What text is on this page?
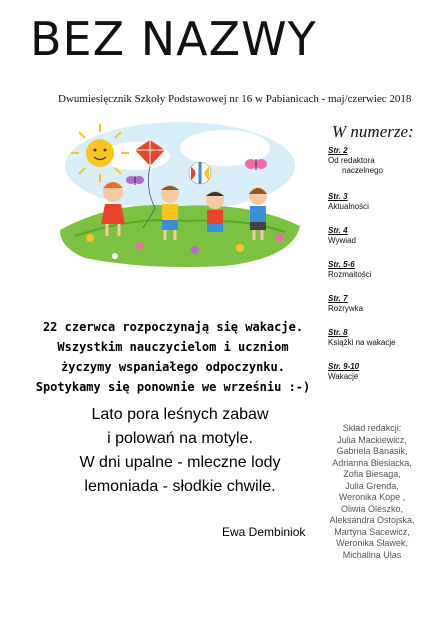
BEZ NAZWY
Dwumiesięcznik Szkoły Podstawowej nr 16 w Pabianicach - maj/czerwiec 2018
W numerze:
Str. 2
Od redaktora
naczelnego
Str. 3
Aktualności
Str. 4
Wywiad
Str. 5-6
Rozmaitości
Str. 7
Rozrywka
Str. 8
Książki na wakacje
Str. 9-10
Wakacje
22 czerwca rozpoczynają się wakacje.
Wszystkim nauczycielom i uczniom
życzymy wspaniałego odpoczynku.
Spotykamy się ponownie we wrześniu :-)
Lato pora leśnych zabaw
i polowań na motyle.
W dni upalne - mleczne lody
lemoniada - słodkie chwile.
Ewa Dembiniok
Skład redakcji:
Julia Mackiewicz,
Gabriela Banasik,
Adrianna Biesiacka,
Zofia Biesaga,
Julia Grenda,
Weronika Kope ,
Oliwia Oleszko,
Aleksandra Ostojska,
Martyna Sacewicz,
Weronika Sławek,
Michalina Ulas
